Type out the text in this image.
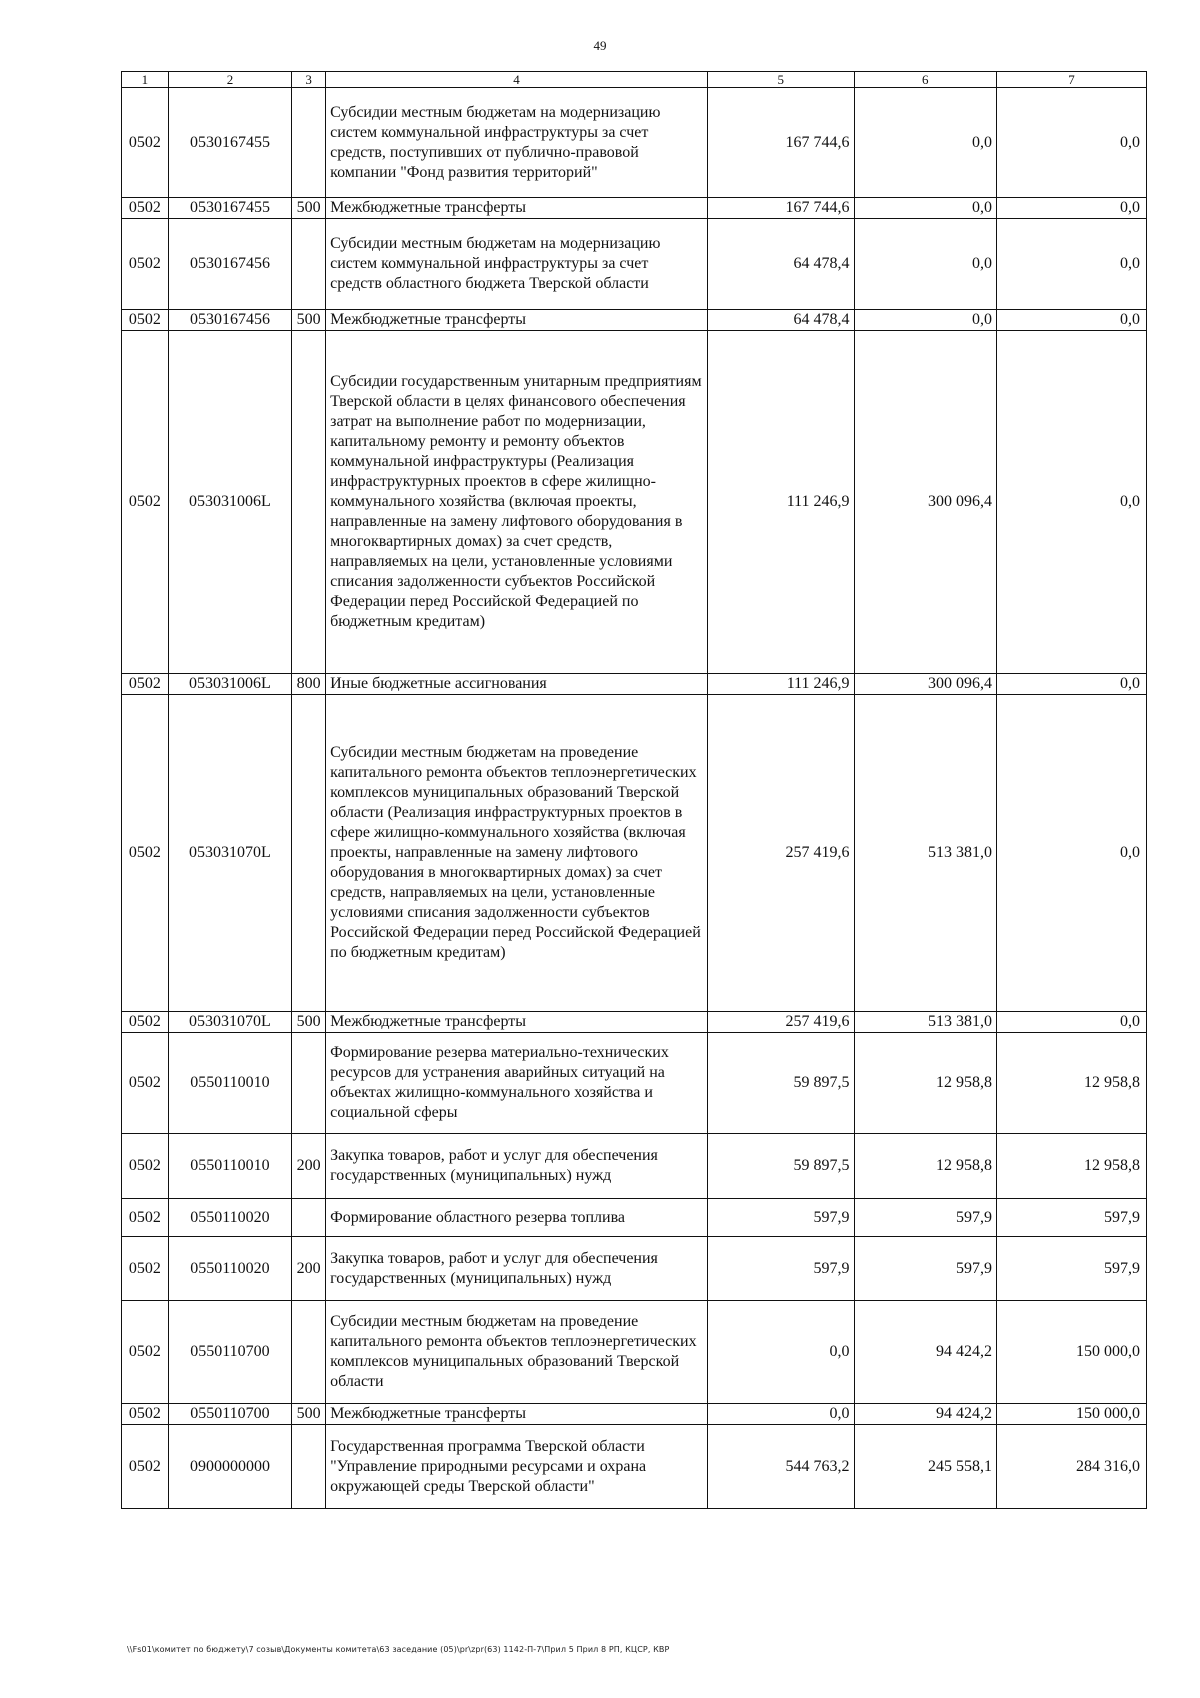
49
1	2	3	4	5	6	7
0502	0530167455		Субсидии местным бюджетам на модернизацию систем коммунальной инфраструктуры за счет средств, поступивших от публично-правовой компании "Фонд развития территорий"	167 744,6	0,0	0,0
0502	0530167455	500	Межбюджетные трансферты	167 744,6	0,0	0,0
0502	0530167456		Субсидии местным бюджетам на модернизацию систем коммунальной инфраструктуры за счет средств областного бюджета Тверской области	64 478,4	0,0	0,0
0502	0530167456	500	Межбюджетные трансферты	64 478,4	0,0	0,0
0502	053031006L		Субсидии государственным унитарным предприятиям Тверской области в целях финансового обеспечения затрат на выполнение работ по модернизации, капитальному ремонту и ремонту объектов коммунальной инфраструктуры (Реализация инфраструктурных проектов в сфере жилищно-коммунального хозяйства (включая проекты, направленные на замену лифтового оборудования в многоквартирных домах) за счет средств, направляемых на цели, установленные условиями списания задолженности субъектов Российской Федерации перед Российской Федерацией по бюджетным кредитам)	111 246,9	300 096,4	0,0
0502	053031006L	800	Иные бюджетные ассигнования	111 246,9	300 096,4	0,0
0502	053031070L		Субсидии местным бюджетам на проведение капитального ремонта объектов теплоэнергетических комплексов муниципальных образований Тверской области (Реализация инфраструктурных проектов в сфере жилищно-коммунального хозяйства (включая проекты, направленные на замену лифтового оборудования в многоквартирных домах) за счет средств, направляемых на цели, установленные условиями списания задолженности субъектов Российской Федерации перед Российской Федерацией по бюджетным кредитам)	257 419,6	513 381,0	0,0
0502	053031070L	500	Межбюджетные трансферты	257 419,6	513 381,0	0,0
0502	0550110010		Формирование резерва материально-технических ресурсов для устранения аварийных ситуаций на объектах жилищно-коммунального хозяйства и социальной сферы	59 897,5	12 958,8	12 958,8
0502	0550110010	200	Закупка товаров, работ и услуг для обеспечения государственных (муниципальных) нужд	59 897,5	12 958,8	12 958,8
0502	0550110020		Формирование областного резерва топлива	597,9	597,9	597,9
0502	0550110020	200	Закупка товаров, работ и услуг для обеспечения государственных (муниципальных) нужд	597,9	597,9	597,9
0502	0550110700		Субсидии местным бюджетам на проведение капитального ремонта объектов теплоэнергетических комплексов муниципальных образований Тверской области	0,0	94 424,2	150 000,0
0502	0550110700	500	Межбюджетные трансферты	0,0	94 424,2	150 000,0
0502	0900000000		Государственная программа Тверской области "Управление природными ресурсами и охрана окружающей среды Тверской области"	544 763,2	245 558,1	284 316,0
\\Fs01\комитет по бюджету\7 созыв\Документы комитета\63 заседание (05)\pr\zpr(63) 1142-П-7\Прил 5 Прил 8 РП, КЦСР, КВР
